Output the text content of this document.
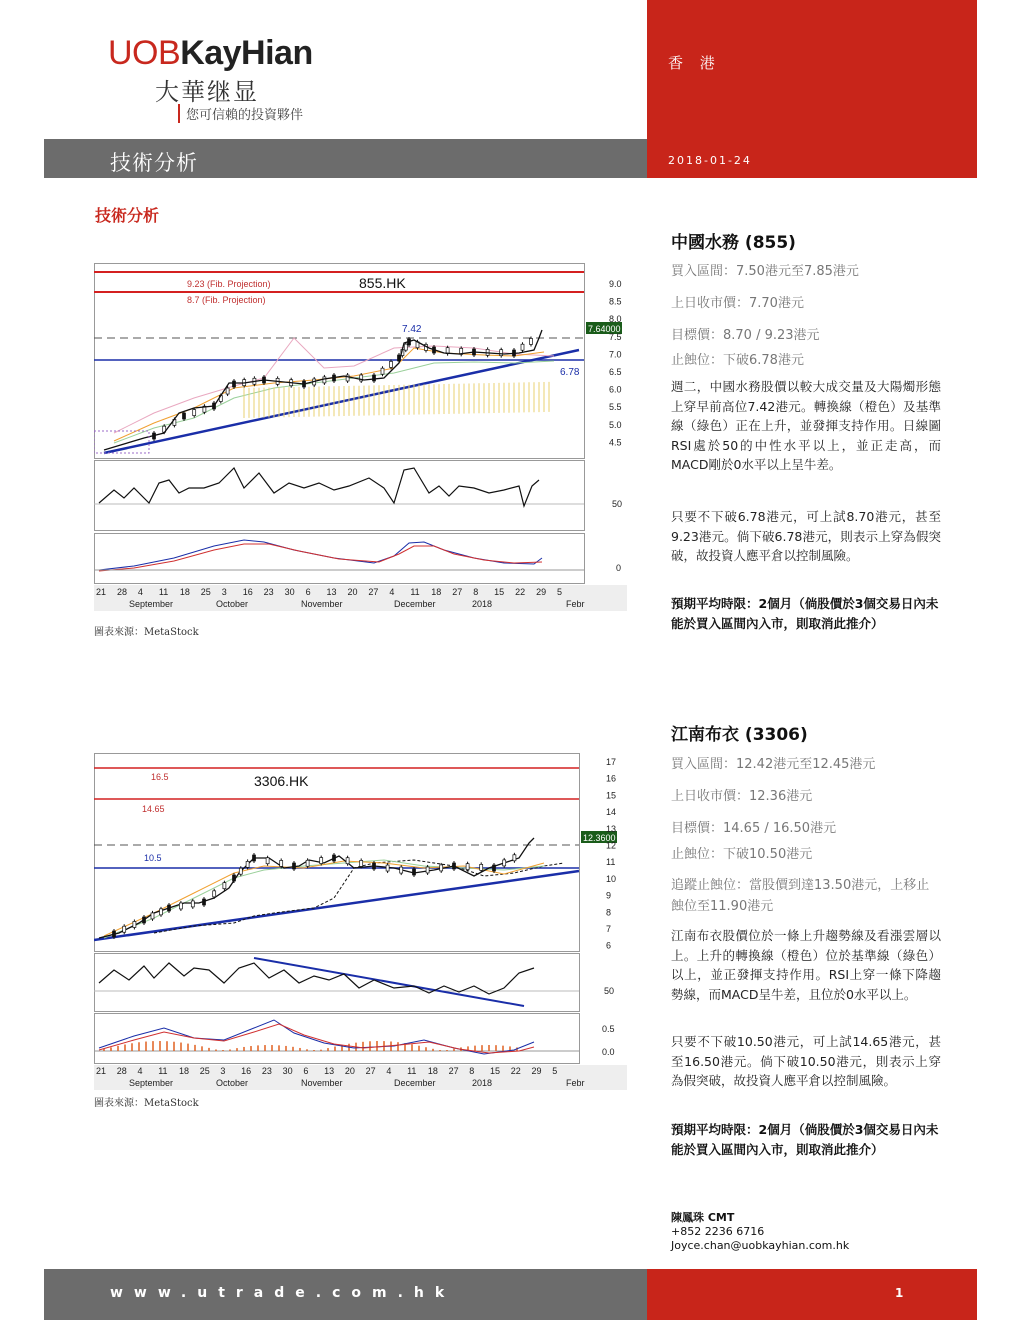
UOBKayHian
大華继显
您可信賴的投資夥伴
香 港
2018-01-24
技術分析
技術分析
9.23 (Fib. Projection)
8.7 (Fib. Projection)
855.HK
7.42
6.78
7.64000
9.0
8.5
8.0
7.5
7.0
6.5
6.0
5.5
5.0
4.5
50
0
21 28 4 11 18 25 3 16 23 30 6 13 20 27 4 11 18 27 8 15 22 29 5
September	October	November	December	2018	Febr
圖表來源：MetaStock
16.5
14.65
3306.HK
10.5
12.3600
17
16
15
14
13
12
11
10
9
8
7
6
50
0.5
0.0
21 28 4 11 18 25 3 16 23 30 6 13 20 27 4 11 18 27 8 15 22 29 5
September	October	November	December	2018	Febr
圖表來源：MetaStock
中國水務 (855)
買入區間：7.50港元至7.85港元
上日收市價：7.70港元
目標價：8.70 / 9.23港元
止蝕位：下破6.78港元
週二，中國水務股價以較大成交量及大陽燭形態上穿早前高位7.42港元。轉換線（橙色）及基準線（綠色）正在上升，並發揮支持作用。日線圖RSI處於50的中性水平以上，並正走高，而MACD剛於0水平以上呈牛差。
只要不下破6.78港元，可上試8.70港元，甚至9.23港元。倘下破6.78港元，則表示上穿為假突破，故投資人應平倉以控制風險。
預期平均時限：2個月（倘股價於3個交易日內未能於買入區間內入市，則取消此推介）
江南布衣 (3306)
買入區間：12.42港元至12.45港元
上日收市價：12.36港元
目標價：14.65 / 16.50港元
止蝕位：下破10.50港元
追蹤止蝕位：當股價到達13.50港元，上移止蝕位至11.90港元
江南布衣股價位於一條上升趨勢線及看漲雲層以上。上升的轉換線（橙色）位於基準線（綠色）以上，並正發揮支持作用。RSI上穿一條下降趨勢線，而MACD呈牛差，且位於0水平以上。
只要不下破10.50港元，可上試14.65港元，甚至16.50港元。倘下破10.50港元，則表示上穿為假突破，故投資人應平倉以控制風險。
預期平均時限：2個月（倘股價於3個交易日內未能於買入區間內入市，則取消此推介）
陳鳳珠 CMT
+852 2236 6716
Joyce.chan@uobkayhian.com.hk
www.utrade.com.hk	1
